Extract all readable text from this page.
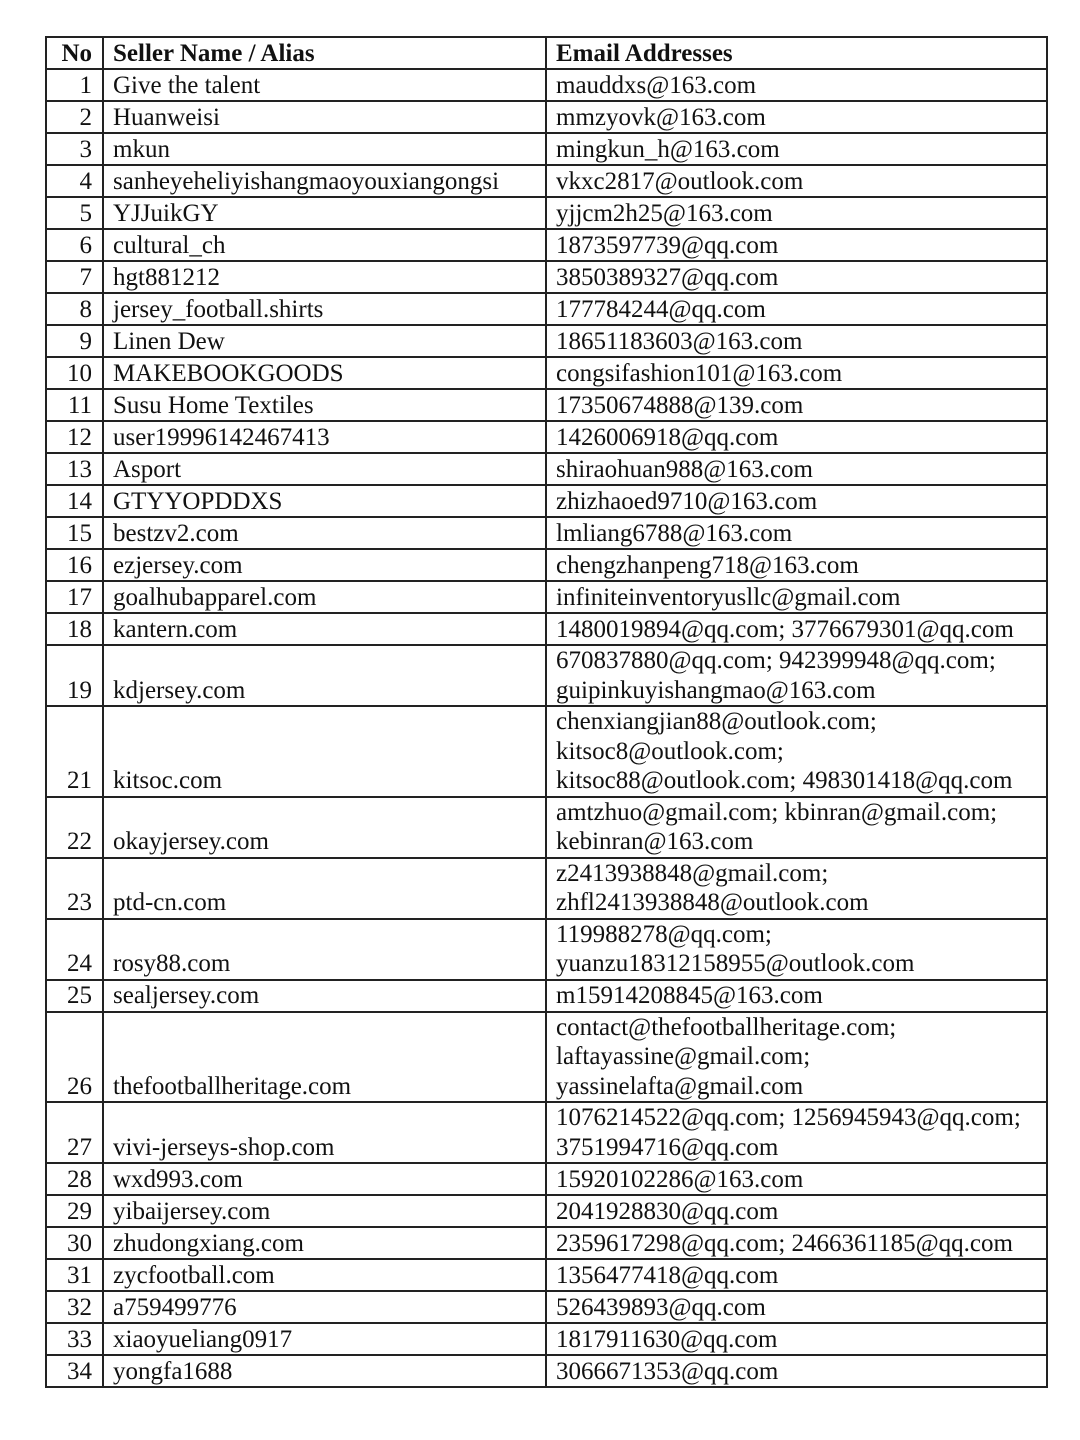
No	Seller Name / Alias	Email Addresses
1	Give the talent	mauddxs@163.com
2	Huanweisi	mmzyovk@163.com
3	mkun	mingkun_h@163.com
4	sanheyeheliyishangmaoyouxiangongsi	vkxc2817@outlook.com
5	YJJuikGY	yjjcm2h25@163.com
6	cultural_ch	1873597739@qq.com
7	hgt881212	3850389327@qq.com
8	jersey_football.shirts	177784244@qq.com
9	Linen Dew	18651183603@163.com
10	MAKEBOOKGOODS	congsifashion101@163.com
11	Susu Home Textiles	17350674888@139.com
12	user19996142467413	1426006918@qq.com
13	Asport	shiraohuan988@163.com
14	GTYYOPDDXS	zhizhaoed9710@163.com
15	bestzv2.com	lmliang6788@163.com
16	ezjersey.com	chengzhanpeng718@163.com
17	goalhubapparel.com	infiniteinventoryusllc@gmail.com
18	kantern.com	1480019894@qq.com; 3776679301@qq.com
19	kdjersey.com	670837880@qq.com; 942399948@qq.com;
guipinkuyishangmao@163.com
21	kitsoc.com	chenxiangjian88@outlook.com;
kitsoc8@outlook.com;
kitsoc88@outlook.com; 498301418@qq.com
22	okayjersey.com	amtzhuo@gmail.com; kbinran@gmail.com;
kebinran@163.com
23	ptd-cn.com	z2413938848@gmail.com;
zhfl2413938848@outlook.com
24	rosy88.com	119988278@qq.com;
yuanzu18312158955@outlook.com
25	sealjersey.com	m15914208845@163.com
26	thefootballheritage.com	contact@thefootballheritage.com;
laftayassine@gmail.com;
yassinelafta@gmail.com
27	vivi-jerseys-shop.com	1076214522@qq.com; 1256945943@qq.com;
3751994716@qq.com
28	wxd993.com	15920102286@163.com
29	yibaijersey.com	2041928830@qq.com
30	zhudongxiang.com	2359617298@qq.com; 2466361185@qq.com
31	zycfootball.com	1356477418@qq.com
32	a759499776	526439893@qq.com
33	xiaoyueliang0917	1817911630@qq.com
34	yongfa1688	3066671353@qq.com
